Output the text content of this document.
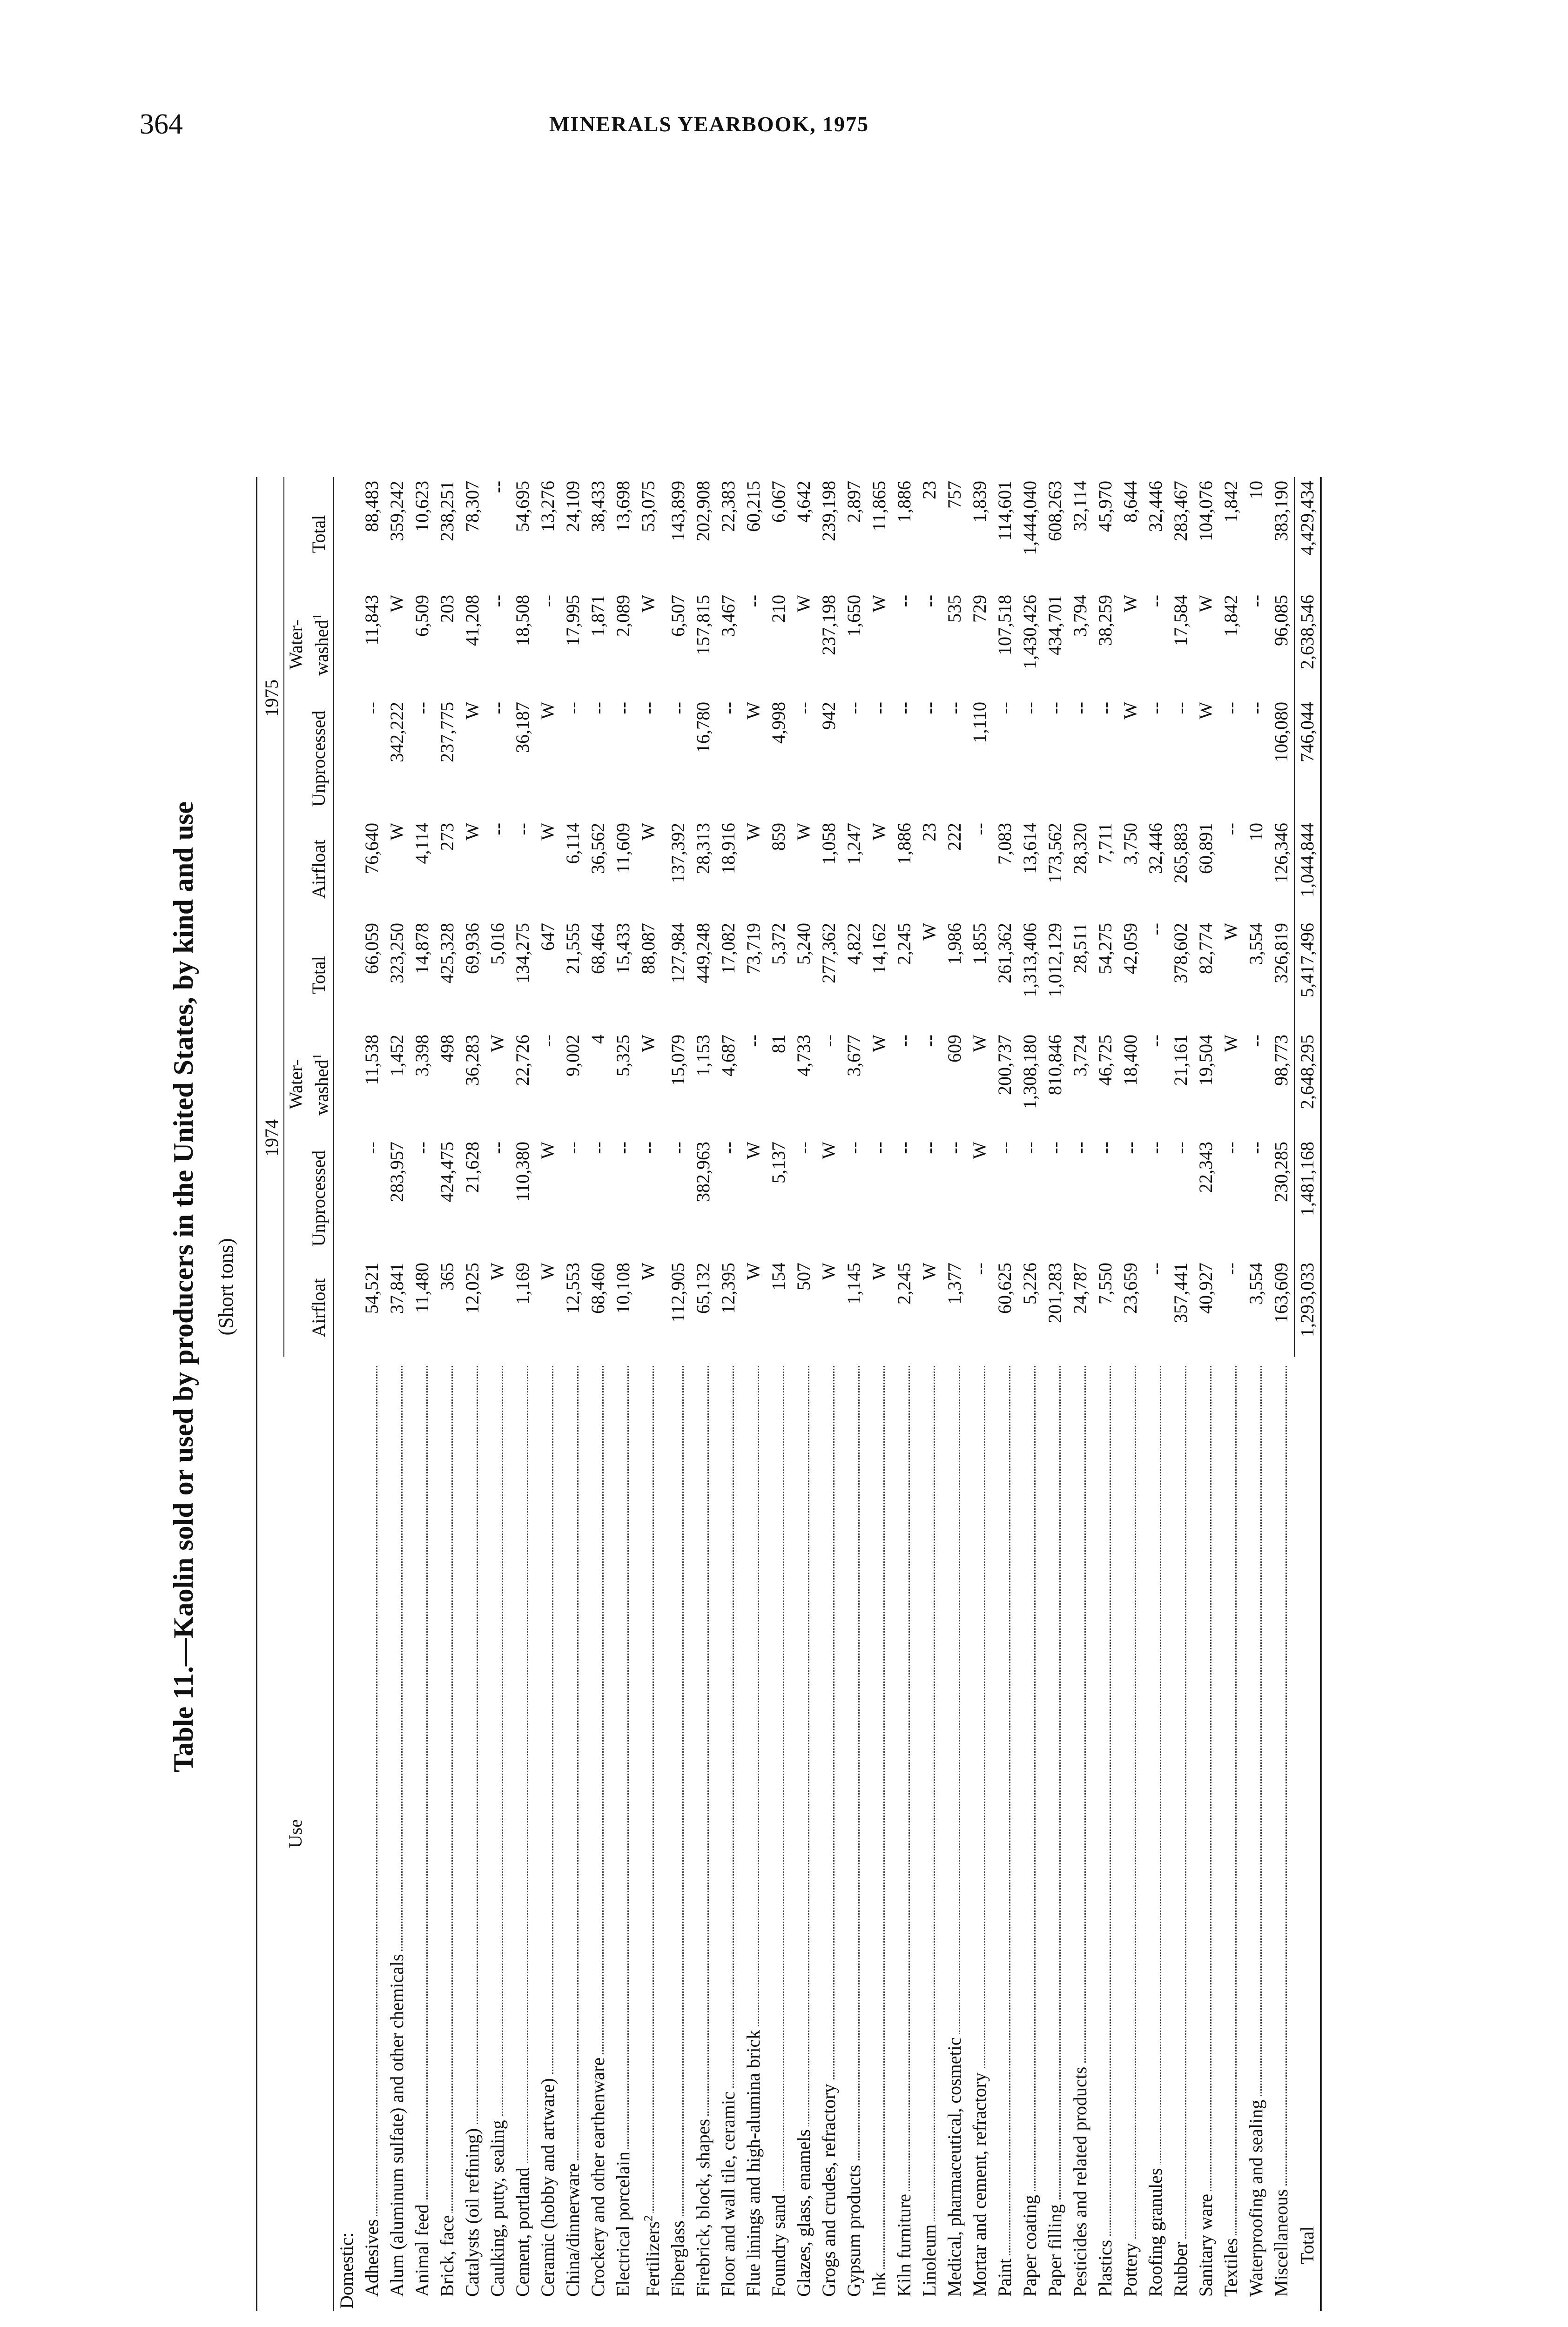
364	MINERALS YEARBOOK, 1975
Table 11.—Kaolin sold or used by producers in the United States, by kind and use (Short tons)
Use
1974
1975
Airfloat
Unprocessed
Water- washed$^1$
Total
Airfloat
Unprocessed
Water- washed$^1$
Total
Domestic: Adhesives
54,521
--
11,538
66,059
76,640
--
11,843
88,483
Alum (aluminum sulfate) and other chemicals
37,841
283,957
1,452
323,250
W
342,222
W
359,242
Animal feed
11,480
--
3,398
14,878
4,114
--
6,509
10,623
Brick, face
365
424,475
498
425,328
273
237,775
203
238,251
Catalysts (oil refining)
12,025
21,628
36,283
69,936
W
W
41,208
78,307
Caulking, putty, sealing
W
--
W
5,016
--
--
--
--
Cement, portland
1,169
110,380
22,726
134,275
--
36,187
18,508
54,695
Ceramic (hobby and artware)
W
W
--
647
W
W
--
13,276
China/dinnerware
12,553
--
9,002
21,555
6,114
--
17,995
24,109
Crockery and other earthenware
68,460
--
4
68,464
36,562
--
1,871
38,433
Electrical porcelain
10,108
--
5,325
15,433
11,609
--
2,089
13,698
Fertilizers$^2$
W
--
W
88,087
W
--
W
53,075
Fiberglass
112,905
--
15,079
127,984
137,392
--
6,507
143,899
Firebrick, block, shapes
65,132
382,963
1,153
449,248
28,313
16,780
157,815
202,908
Floor and wall tile, ceramic
12,395
--
4,687
17,082
18,916
--
3,467
22,383
Flue linings and high-alumina brick
W
W
--
73,719
W
W
--
60,215
Foundry sand
154
5,137
81
5,372
859
4,998
210
6,067
Glazes, glass, enamels
507
--
4,733
5,240
W
--
W
4,642
Grogs and crudes, refractory
W
W
--
277,362
1,058
942
237,198
239,198
Gypsum products
1,145
--
3,677
4,822
1,247
--
1,650
2,897
Ink
W
--
W
14,162
W
--
W
11,865
Kiln furniture
2,245
--
--
2,245
1,886
--
--
1,886
Linoleum
W
--
--
W
23
--
--
23
Medical, pharmaceutical, cosmetic
1,377
--
609
1,986
222
--
535
757
Mortar and cement, refractory
--
W
W
1,855
--
1,110
729
1,839
Paint
60,625
--
200,737
261,362
7,083
--
107,518
114,601
Paper coating
5,226
--
1,308,180
1,313,406
13,614
--
1,430,426
1,444,040
Paper filling
201,283
--
810,846
1,012,129
173,562
--
434,701
608,263
Pesticides and related products
24,787
--
3,724
28,511
28,320
--
3,794
32,114
Plastics
7,550
--
46,725
54,275
7,711
--
38,259
45,970
Pottery
23,659
--
18,400
42,059
3,750
W
W
8,644
Roofing granules
--
--
--
--
32,446
--
--
32,446
Rubber
357,441
--
21,161
378,602
265,883
--
17,584
283,467
Sanitary ware
40,927
22,343
19,504
82,774
60,891
W
W
104,076
Textiles
--
--
W
W
--
--
1,842
1,842
Waterproofing and sealing
3,554
--
--
3,554
10
--
--
10
Miscellaneous
163,609
230,285
98,773
326,819
126,346
106,080
96,085
383,190
Total
1,293,033
1,481,168
2,648,295
5,417,496
1,044,844
746,044
2,638,546
4,429,434
